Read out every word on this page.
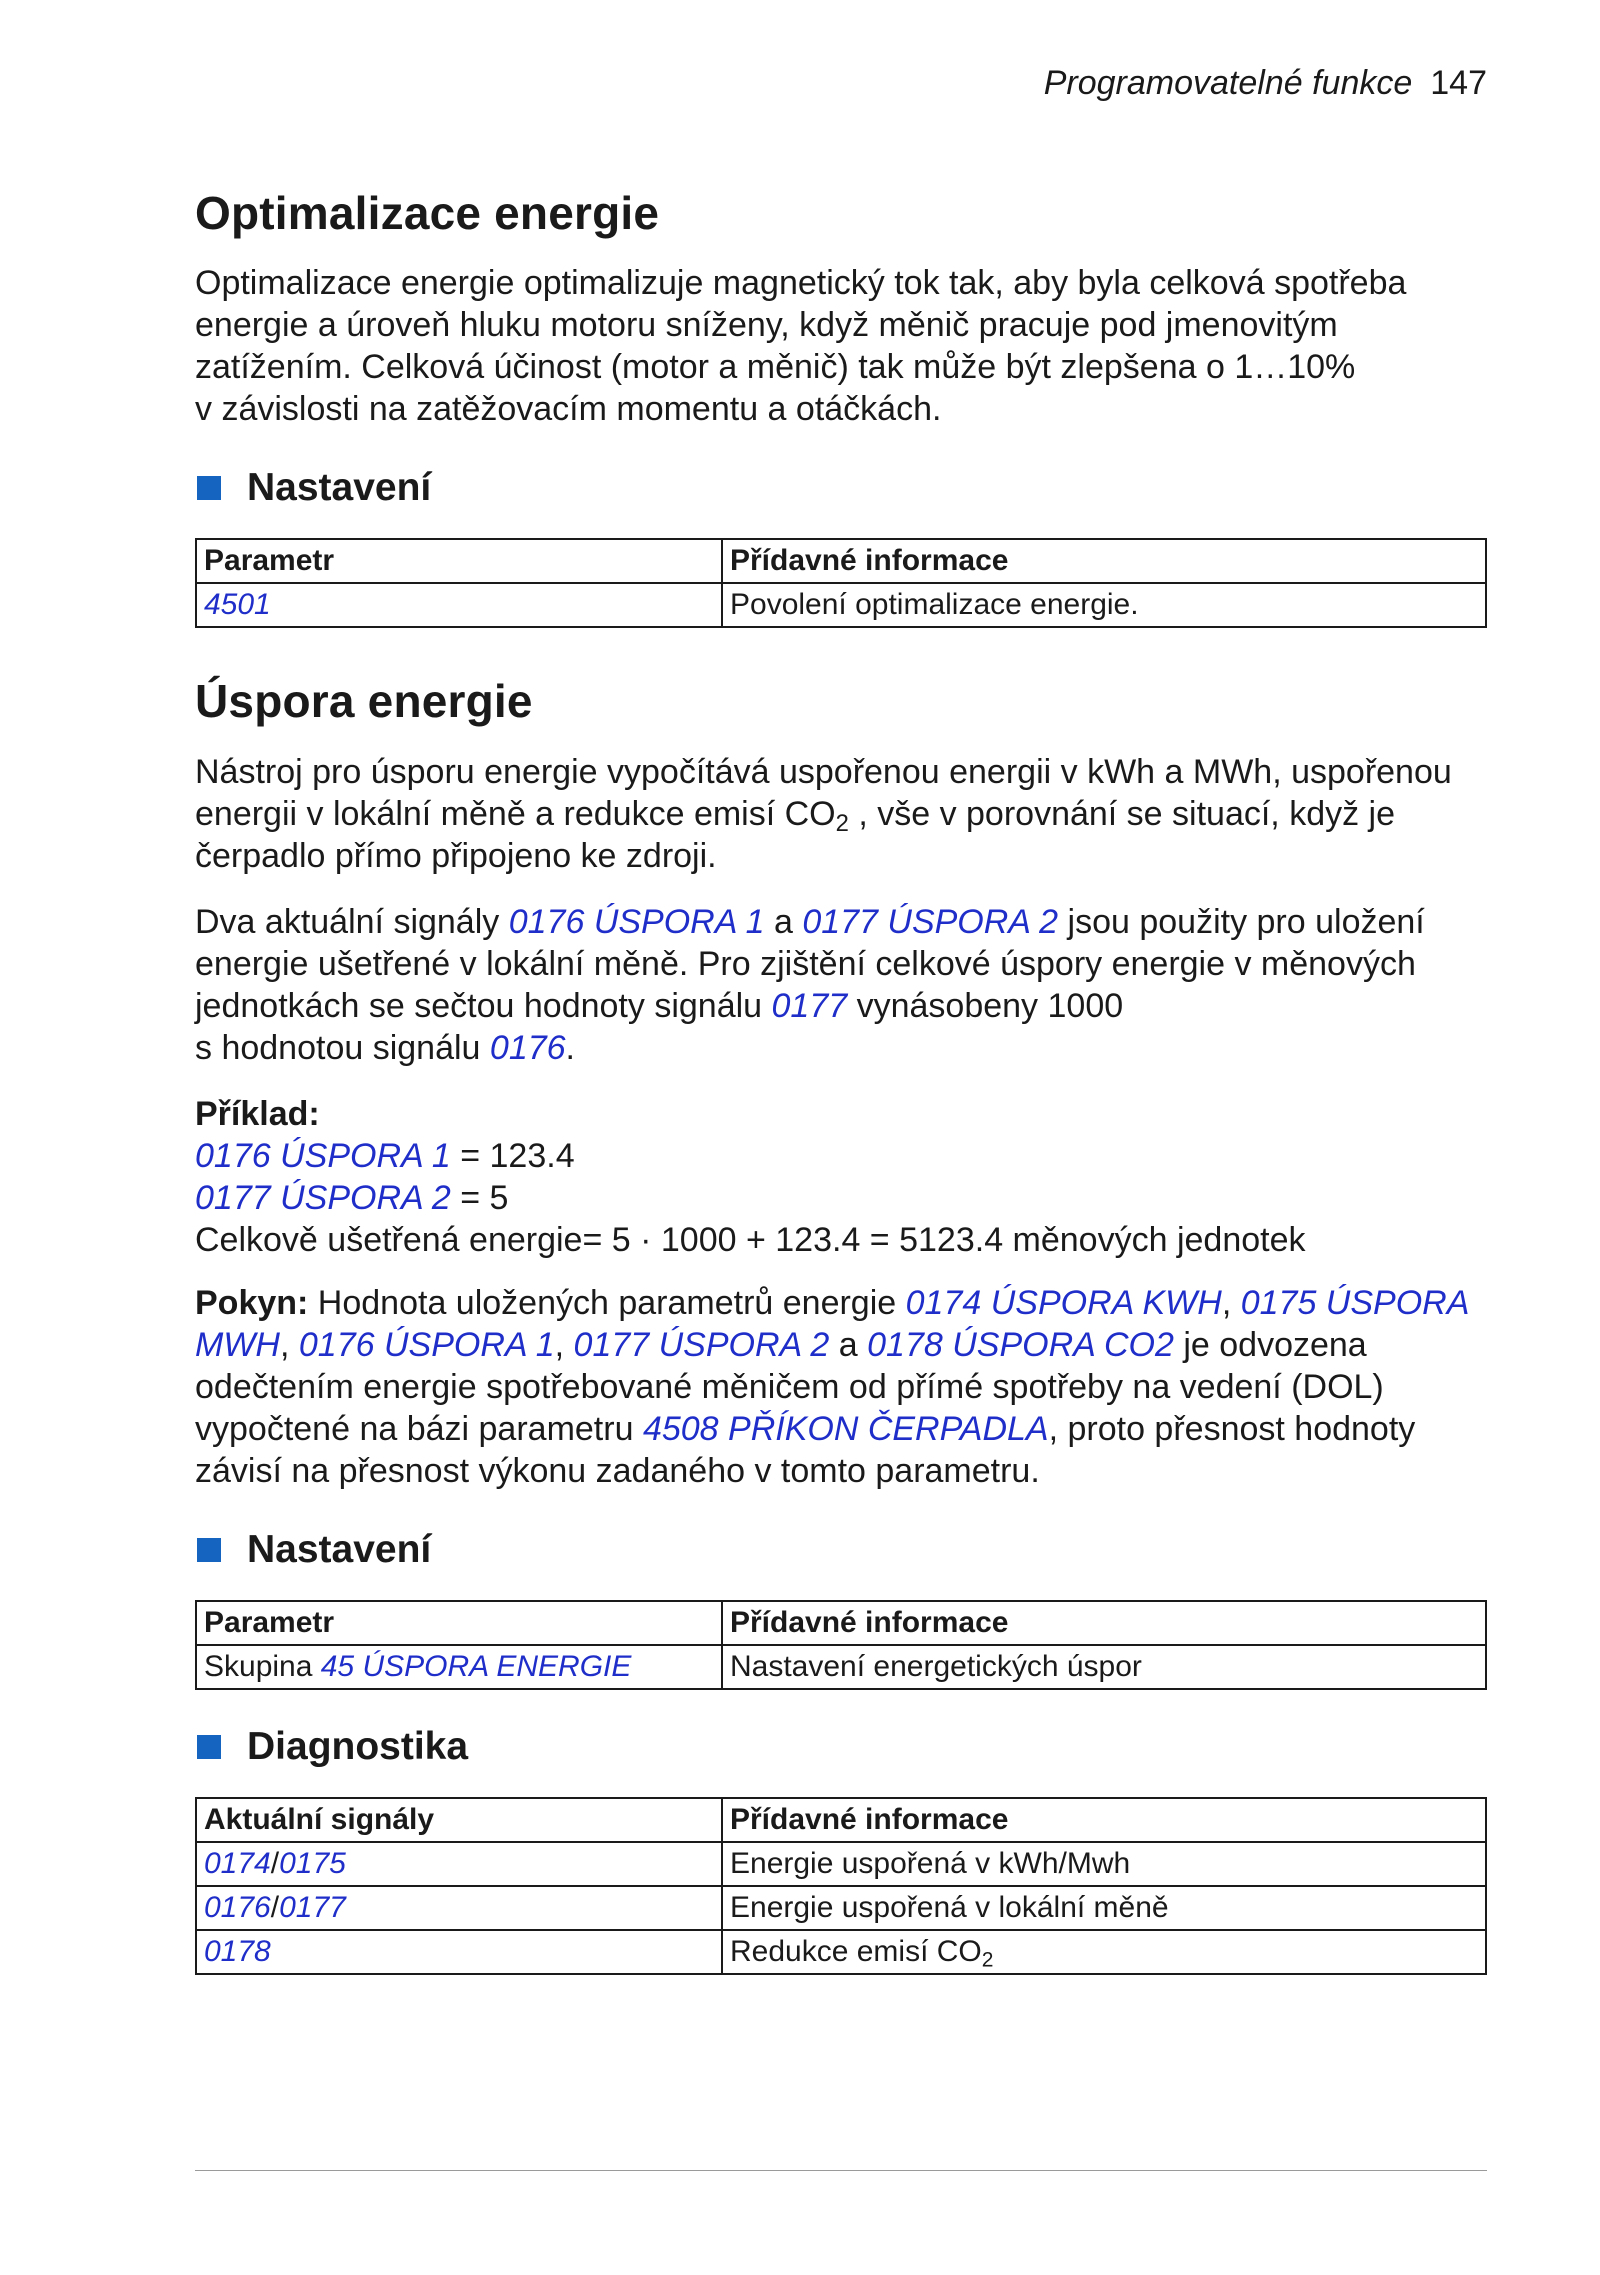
Programovatelné funkce 147
Optimalizace energie

Optimalizace energie optimalizuje magnetický tok tak, aby byla celková spotřeba

energie a úroveň hluku motoru sníženy, když měnič pracuje pod jmenovitým

zatížením. Celková účinost (motor a měnič) tak může být zlepšena o 1…10%

v závislosti na zatěžovacím momentu a otáčkách.

Nastavení
Parametr	Přídavné informace
4501	Povolení optimalizace energie.
Úspora energie

Nástroj pro úsporu energie vypočítává uspořenou energii v kWh a MWh, uspořenou

energii v lokální měně a redukce emisí $CO_2$ , vše v porovnání se situací, když je

čerpadlo přímo připojeno ke zdroji.

Dva aktuální signály 0176 ÚSPORA 1 a 0177 ÚSPORA 2 jsou použity pro uložení

energie ušetřené v lokální měně. Pro zjištění celkové úspory energie v měnových

jednotkách se sečtou hodnoty signálu 0177 vynásobeny 1000

s hodnotou signálu 0176.

Příklad:

0176 ÚSPORA 1 = 123.4

0177 ÚSPORA 2 = 5

Celkově ušetřená energie= 5 · 1000 + 123.4 = 5123.4 měnových jednotek

Pokyn: Hodnota uložených parametrů energie 0174 ÚSPORA KWH, 0175 ÚSPORA

MWH, 0176 ÚSPORA 1, 0177 ÚSPORA 2 a 0178 ÚSPORA CO2 je odvozena

odečtením energie spotřebované měničem od přímé spotřeby na vedení (DOL)

vypočtené na bázi parametru 4508 PŘÍKON ČERPADLA, proto přesnost hodnoty

závisí na přesnost výkonu zadaného v tomto parametru.

Nastavení
Parametr	Přídavné informace
Skupina 45 ÚSPORA ENERGIE	Nastavení energetických úspor
Diagnostika
Aktuální signály	Přídavné informace
0174/0175	Energie uspořená v kWh/Mwh
0176/0177	Energie uspořená v lokální měně
0178	Redukce emisí $CO_2$
